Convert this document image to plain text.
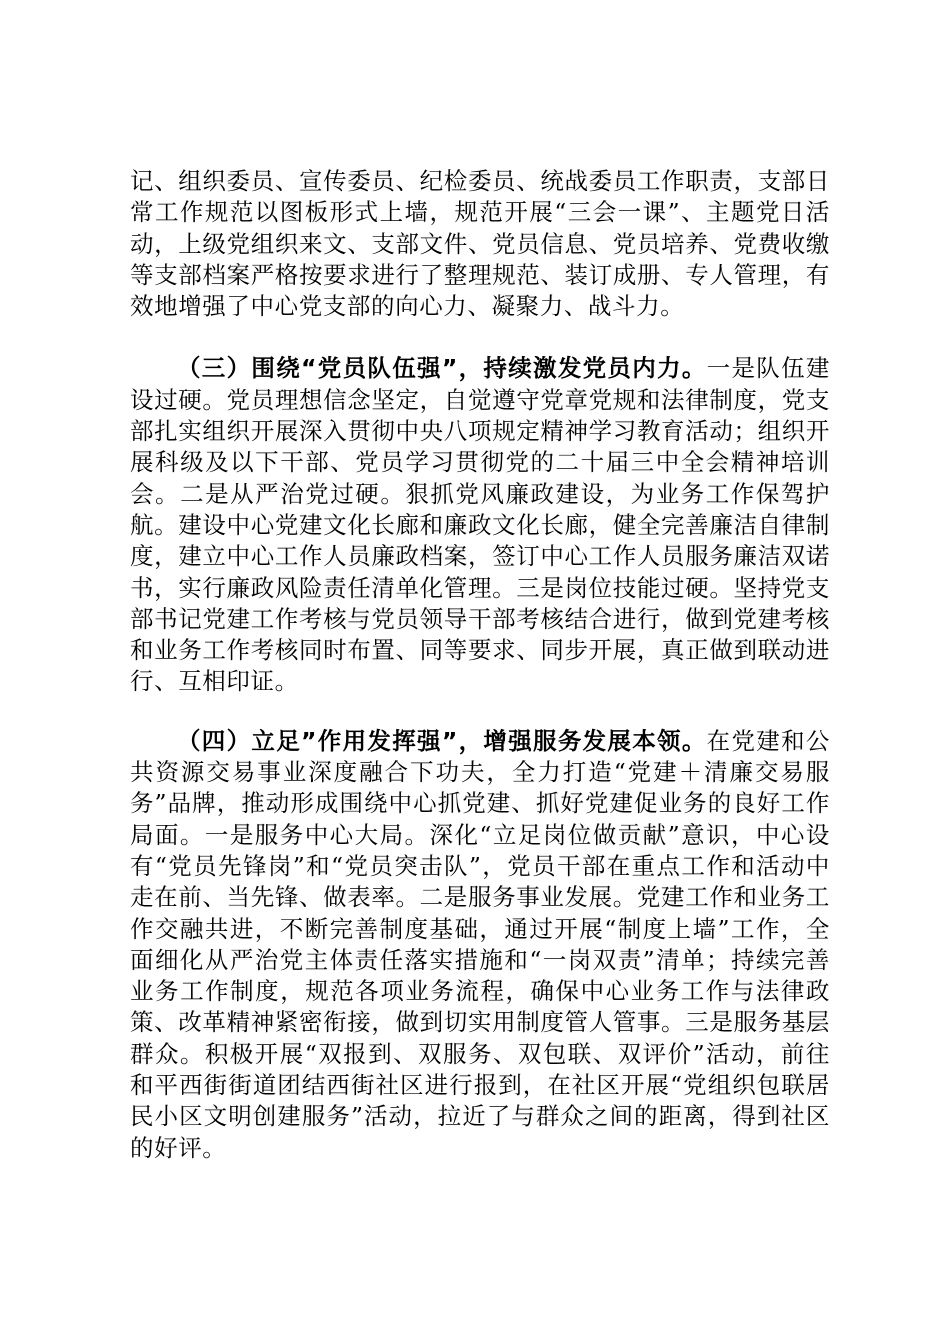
记、组织委员、宣传委员、纪检委员、统战委员工作职责，支部日常工作规范以图板形式上墙，规范开展“三会一课”、主题党日活动，上级党组织来文、支部文件、党员信息、党员培养、党费收缴等支部档案严格按要求进行了整理规范、装订成册、专人管理，有效地增强了中心党支部的向心力、凝聚力、战斗力。

（三）围绕“党员队伍强”，持续激发党员内力。一是队伍建设过硬。党员理想信念坚定，自觉遵守党章党规和法律制度，党支部扎实组织开展深入贯彻中央八项规定精神学习教育活动；组织开展科级及以下干部、党员学习贯彻党的二十届三中全会精神培训会。二是从严治党过硬。狠抓党风廉政建设，为业务工作保驾护航。建设中心党建文化长廊和廉政文化长廊，健全完善廉洁自律制度，建立中心工作人员廉政档案，签订中心工作人员服务廉洁双诺书，实行廉政风险责任清单化管理。三是岗位技能过硬。坚持党支部书记党建工作考核与党员领导干部考核结合进行，做到党建考核和业务工作考核同时布置、同等要求、同步开展，真正做到联动进行、互相印证。

（四）立足”作用发挥强”，增强服务发展本领。在党建和公共资源交易事业深度融合下功夫，全力打造“党建＋清廉交易服务”品牌，推动形成围绕中心抓党建、抓好党建促业务的良好工作局面。一是服务中心大局。深化“立足岗位做贡献”意识，中心设有“党员先锋岗”和“党员突击队”，党员干部在重点工作和活动中走在前、当先锋、做表率。二是服务事业发展。党建工作和业务工作交融共进，不断完善制度基础，通过开展“制度上墙”工作，全面细化从严治党主体责任落实措施和“一岗双责”清单；持续完善业务工作制度，规范各项业务流程，确保中心业务工作与法律政策、改革精神紧密衔接，做到切实用制度管人管事。三是服务基层群众。积极开展“双报到、双服务、双包联、双评价”活动，前往和平西街街道团结西街社区进行报到，在社区开展“党组织包联居民小区文明创建服务”活动，拉近了与群众之间的距离，得到社区的好评。
